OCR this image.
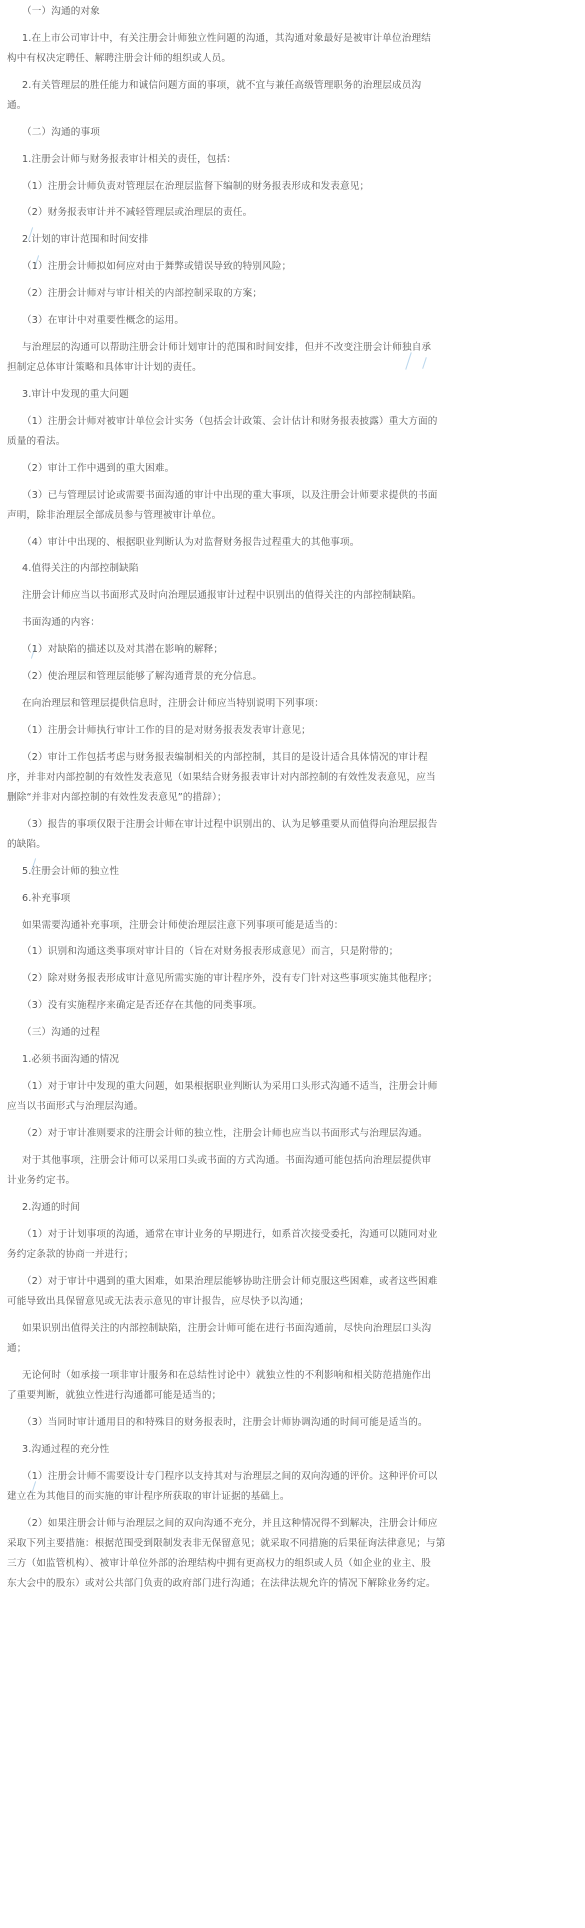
（一）沟通的对象
1.在上市公司审计中，有关注册会计师独立性问题的沟通，其沟通对象最好是被审计单位治理结
构中有权决定聘任、解聘注册会计师的组织或人员。
2.有关管理层的胜任能力和诚信问题方面的事项，就不宜与兼任高级管理职务的治理层成员沟
通。
（二）沟通的事项
1.注册会计师与财务报表审计相关的责任，包括：
（1）注册会计师负责对管理层在治理层监督下编制的财务报表形成和发表意见；
（2）财务报表审计并不减轻管理层或治理层的责任。
2.计划的审计范围和时间安排
（1）注册会计师拟如何应对由于舞弊或错误导致的特别风险；
（2）注册会计师对与审计相关的内部控制采取的方案；
（3）在审计中对重要性概念的运用。
与治理层的沟通可以帮助注册会计师计划审计的范围和时间安排，但并不改变注册会计师独自承
担制定总体审计策略和具体审计计划的责任。
3.审计中发现的重大问题
（1）注册会计师对被审计单位会计实务（包括会计政策、会计估计和财务报表披露）重大方面的
质量的看法。
（2）审计工作中遇到的重大困难。
（3）已与管理层讨论或需要书面沟通的审计中出现的重大事项，以及注册会计师要求提供的书面
声明，除非治理层全部成员参与管理被审计单位。
（4）审计中出现的、根据职业判断认为对监督财务报告过程重大的其他事项。
4.值得关注的内部控制缺陷
注册会计师应当以书面形式及时向治理层通报审计过程中识别出的值得关注的内部控制缺陷。
书面沟通的内容：
（1）对缺陷的描述以及对其潜在影响的解释；
（2）使治理层和管理层能够了解沟通背景的充分信息。
在向治理层和管理层提供信息时，注册会计师应当特别说明下列事项：
（1）注册会计师执行审计工作的目的是对财务报表发表审计意见；
（2）审计工作包括考虑与财务报表编制相关的内部控制，其目的是设计适合具体情况的审计程
序，并非对内部控制的有效性发表意见（如果结合财务报表审计对内部控制的有效性发表意见，应当
删除“并非对内部控制的有效性发表意见”的措辞）；
（3）报告的事项仅限于注册会计师在审计过程中识别出的、认为足够重要从而值得向治理层报告
的缺陷。
5.注册会计师的独立性
6.补充事项
如果需要沟通补充事项，注册会计师使治理层注意下列事项可能是适当的：
（1）识别和沟通这类事项对审计目的（旨在对财务报表形成意见）而言，只是附带的；
（2）除对财务报表形成审计意见所需实施的审计程序外，没有专门针对这些事项实施其他程序；
（3）没有实施程序来确定是否还存在其他的同类事项。
（三）沟通的过程
1.必须书面沟通的情况
（1）对于审计中发现的重大问题，如果根据职业判断认为采用口头形式沟通不适当，注册会计师
应当以书面形式与治理层沟通。
（2）对于审计准则要求的注册会计师的独立性，注册会计师也应当以书面形式与治理层沟通。
对于其他事项，注册会计师可以采用口头或书面的方式沟通。书面沟通可能包括向治理层提供审
计业务约定书。
2.沟通的时间
（1）对于计划事项的沟通，通常在审计业务的早期进行，如系首次接受委托，沟通可以随同对业
务约定条款的协商一并进行；
（2）对于审计中遇到的重大困难，如果治理层能够协助注册会计师克服这些困难，或者这些困难
可能导致出具保留意见或无法表示意见的审计报告，应尽快予以沟通；
如果识别出值得关注的内部控制缺陷，注册会计师可能在进行书面沟通前，尽快向治理层口头沟
通；
无论何时（如承接一项非审计服务和在总结性讨论中）就独立性的不利影响和相关防范措施作出
了重要判断，就独立性进行沟通都可能是适当的；
（3）当同时审计通用目的和特殊目的财务报表时，注册会计师协调沟通的时间可能是适当的。
3.沟通过程的充分性
（1）注册会计师不需要设计专门程序以支持其对与治理层之间的双向沟通的评价。这种评价可以
建立在为其他目的而实施的审计程序所获取的审计证据的基础上。
（2）如果注册会计师与治理层之间的双向沟通不充分，并且这种情况得不到解决，注册会计师应
采取下列主要措施：根据范围受到限制发表非无保留意见；就采取不同措施的后果征询法律意见；与第
三方（如监管机构）、被审计单位外部的治理结构中拥有更高权力的组织或人员（如企业的业主、股
东大会中的股东）或对公共部门负责的政府部门进行沟通；在法律法规允许的情况下解除业务约定。
